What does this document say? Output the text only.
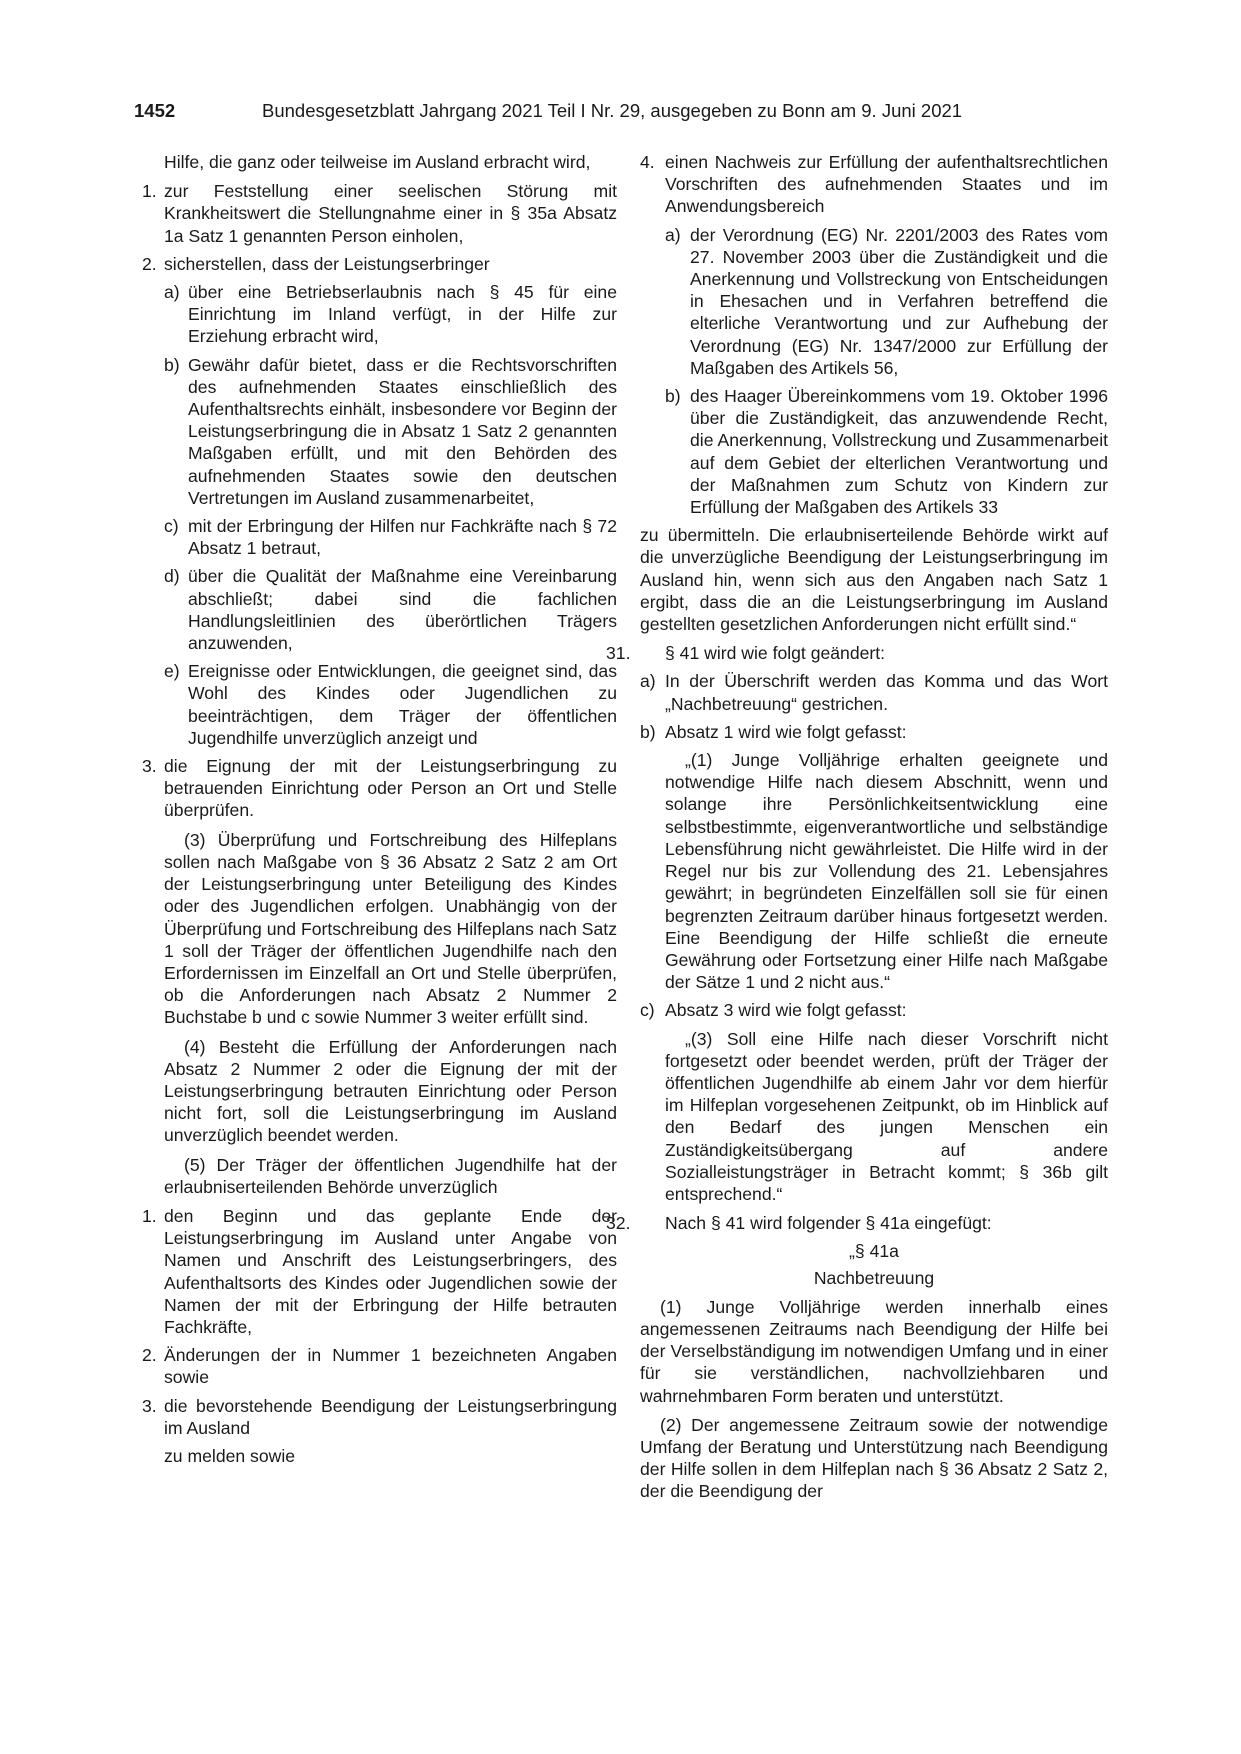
1452	Bundesgesetzblatt Jahrgang 2021 Teil I Nr. 29, ausgegeben zu Bonn am 9. Juni 2021

Hilfe, die ganz oder teilweise im Ausland erbracht wird,

1. zur Feststellung einer seelischen Störung mit Krankheitswert die Stellungnahme einer in § 35a Absatz 1a Satz 1 genannten Person einholen,
2. sicherstellen, dass der Leistungserbringer
a) über eine Betriebserlaubnis nach § 45 für eine Einrichtung im Inland verfügt, in der Hilfe zur Erziehung erbracht wird,
b) Gewähr dafür bietet, dass er die Rechtsvorschriften des aufnehmenden Staates einschließlich des Aufenthaltsrechts einhält, insbesondere vor Beginn der Leistungserbringung die in Absatz 1 Satz 2 genannten Maßgaben erfüllt, und mit den Behörden des aufnehmenden Staates sowie den deutschen Vertretungen im Ausland zusammenarbeitet,
c) mit der Erbringung der Hilfen nur Fachkräfte nach § 72 Absatz 1 betraut,
d) über die Qualität der Maßnahme eine Vereinbarung abschließt; dabei sind die fachlichen Handlungsleitlinien des überörtlichen Trägers anzuwenden,
e) Ereignisse oder Entwicklungen, die geeignet sind, das Wohl des Kindes oder Jugendlichen zu beeinträchtigen, dem Träger der öffentlichen Jugendhilfe unverzüglich anzeigt und
3. die Eignung der mit der Leistungserbringung zu betrauenden Einrichtung oder Person an Ort und Stelle überprüfen.

(3) Überprüfung und Fortschreibung des Hilfeplans sollen nach Maßgabe von § 36 Absatz 2 Satz 2 am Ort der Leistungserbringung unter Beteiligung des Kindes oder des Jugendlichen erfolgen. Unabhängig von der Überprüfung und Fortschreibung des Hilfeplans nach Satz 1 soll der Träger der öffentlichen Jugendhilfe nach den Erfordernissen im Einzelfall an Ort und Stelle überprüfen, ob die Anforderungen nach Absatz 2 Nummer 2 Buchstabe b und c sowie Nummer 3 weiter erfüllt sind.

(4) Besteht die Erfüllung der Anforderungen nach Absatz 2 Nummer 2 oder die Eignung der mit der Leistungserbringung betrauten Einrichtung oder Person nicht fort, soll die Leistungserbringung im Ausland unverzüglich beendet werden.

(5) Der Träger der öffentlichen Jugendhilfe hat der erlaubniserteilenden Behörde unverzüglich

1. den Beginn und das geplante Ende der Leistungserbringung im Ausland unter Angabe von Namen und Anschrift des Leistungserbringers, des Aufenthaltsorts des Kindes oder Jugendlichen sowie der Namen der mit der Erbringung der Hilfe betrauten Fachkräfte,
2. Änderungen der in Nummer 1 bezeichneten Angaben sowie
3. die bevorstehende Beendigung der Leistungserbringung im Ausland

zu melden sowie

4. einen Nachweis zur Erfüllung der aufenthaltsrechtlichen Vorschriften des aufnehmenden Staates und im Anwendungsbereich
a) der Verordnung (EG) Nr. 2201/2003 des Rates vom 27. November 2003 über die Zuständigkeit und die Anerkennung und Vollstreckung von Entscheidungen in Ehesachen und in Verfahren betreffend die elterliche Verantwortung und zur Aufhebung der Verordnung (EG) Nr. 1347/2000 zur Erfüllung der Maßgaben des Artikels 56,
b) des Haager Übereinkommens vom 19. Oktober 1996 über die Zuständigkeit, das anzuwendende Recht, die Anerkennung, Vollstreckung und Zusammenarbeit auf dem Gebiet der elterlichen Verantwortung und der Maßnahmen zum Schutz von Kindern zur Erfüllung der Maßgaben des Artikels 33

zu übermitteln. Die erlaubniserteilende Behörde wirkt auf die unverzügliche Beendigung der Leistungserbringung im Ausland hin, wenn sich aus den Angaben nach Satz 1 ergibt, dass die an die Leistungserbringung im Ausland gestellten gesetzlichen Anforderungen nicht erfüllt sind.“

31. § 41 wird wie folgt geändert:
a) In der Überschrift werden das Komma und das Wort „Nachbetreuung“ gestrichen.
b) Absatz 1 wird wie folgt gefasst:

„(1) Junge Volljährige erhalten geeignete und notwendige Hilfe nach diesem Abschnitt, wenn und solange ihre Persönlichkeitsentwicklung eine selbstbestimmte, eigenverantwortliche und selbständige Lebensführung nicht gewährleistet. Die Hilfe wird in der Regel nur bis zur Vollendung des 21. Lebensjahres gewährt; in begründeten Einzelfällen soll sie für einen begrenzten Zeitraum darüber hinaus fortgesetzt werden. Eine Beendigung der Hilfe schließt die erneute Gewährung oder Fortsetzung einer Hilfe nach Maßgabe der Sätze 1 und 2 nicht aus.“

c) Absatz 3 wird wie folgt gefasst:

„(3) Soll eine Hilfe nach dieser Vorschrift nicht fortgesetzt oder beendet werden, prüft der Träger der öffentlichen Jugendhilfe ab einem Jahr vor dem hierfür im Hilfeplan vorgesehenen Zeitpunkt, ob im Hinblick auf den Bedarf des jungen Menschen ein Zuständigkeitsübergang auf andere Sozialleistungsträger in Betracht kommt; § 36b gilt entsprechend.“

32. Nach § 41 wird folgender § 41a eingefügt:

„§ 41a

Nachbetreuung

(1) Junge Volljährige werden innerhalb eines angemessenen Zeitraums nach Beendigung der Hilfe bei der Verselbständigung im notwendigen Umfang und in einer für sie verständlichen, nachvollziehbaren und wahrnehmbaren Form beraten und unterstützt.

(2) Der angemessene Zeitraum sowie der notwendige Umfang der Beratung und Unterstützung nach Beendigung der Hilfe sollen in dem Hilfeplan nach § 36 Absatz 2 Satz 2, der die Beendigung der
